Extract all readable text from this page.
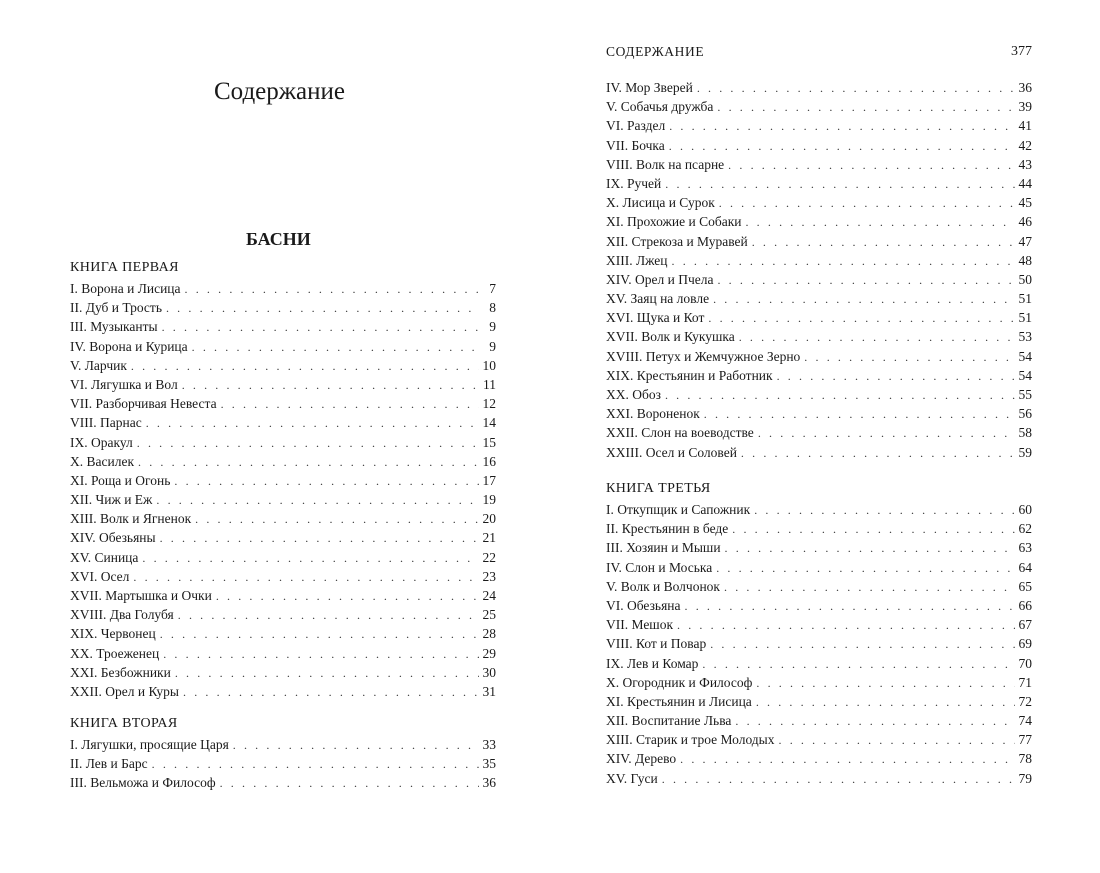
Содержание
БАСНИ
СОДЕРЖАНИЕ	377
КНИГА ПЕРВАЯ
I. Ворона и Лисица . . .	7
II. Дуб и Трость . . .	8
III. Музыканты . . .	9
IV. Ворона и Курица . . .	9
V. Ларчик . . .	10
VI. Лягушка и Вол . . .	11
VII. Разборчивая Невеста . . .	12
VIII. Парнас . . .	14
IX. Оракул . . .	15
X. Василек . . .	16
XI. Роща и Огонь . . .	17
XII. Чиж и Еж . . .	19
XIII. Волк и Ягненок . . .	20
XIV. Обезьяны . . .	21
XV. Синица . . .	22
XVI. Осел . . .	23
XVII. Мартышка и Очки . . .	24
XVIII. Два Голубя . . .	25
XIX. Червонец . . .	28
XX. Троеженец . . .	29
XXI. Безбожники . . .	30
XXII. Орел и Куры . . .	31
КНИГА ВТОРАЯ
I. Лягушки, просящие Царя . . .	33
II. Лев и Барс . . .	35
III. Вельможа и Философ . . .	36
IV. Мор Зверей . . .	36
V. Собачья дружба . . .	39
VI. Раздел . . .	41
VII. Бочка . . .	42
VIII. Волк на псарне . . .	43
IX. Ручей . . .	44
X. Лисица и Сурок . . .	45
XI. Прохожие и Собаки . . .	46
XII. Стрекоза и Муравей . . .	47
XIII. Лжец . . .	48
XIV. Орел и Пчела . . .	50
XV. Заяц на ловле . . .	51
XVI. Щука и Кот . . .	51
XVII. Волк и Кукушка . . .	53
XVIII. Петух и Жемчужное Зерно . . .	54
XIX. Крестьянин и Работник . . .	54
XX. Обоз . . .	55
XXI. Вороненок . . .	56
XXII. Слон на воеводстве . . .	58
XXIII. Осел и Соловей . . .	59
КНИГА ТРЕТЬЯ
I. Откупщик и Сапожник . . .	60
II. Крестьянин в беде . . .	62
III. Хозяин и Мыши . . .	63
IV. Слон и Моська . . .	64
V. Волк и Волчонок . . .	65
VI. Обезьяна . . .	66
VII. Мешок . . .	67
VIII. Кот и Повар . . .	69
IX. Лев и Комар . . .	70
X. Огородник и Философ . . .	71
XI. Крестьянин и Лисица . . .	72
XII. Воспитание Льва . . .	74
XIII. Старик и трое Молодых . . .	77
XIV. Дерево . . .	78
XV. Гуси . . .	79
